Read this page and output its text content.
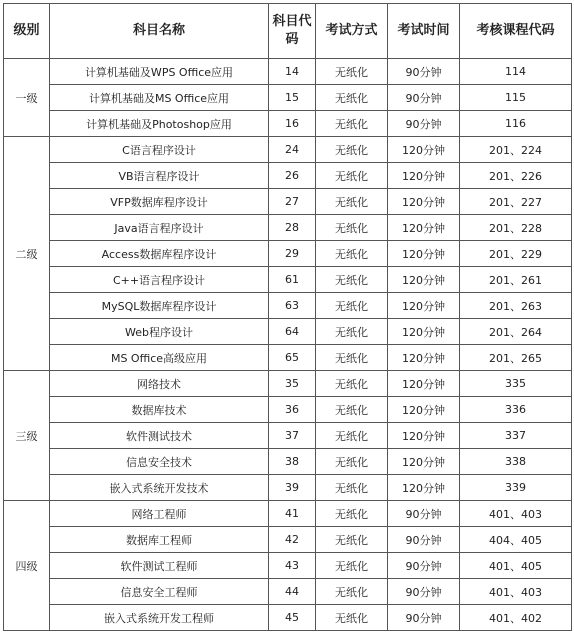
级别	科目名称	科目代码	考试方式	考试时间	考核课程代码
一级	计算机基础及WPS Office应用	14	无纸化	90分钟	114
	计算机基础及MS Office应用	15	无纸化	90分钟	115
	计算机基础及Photoshop应用	16	无纸化	90分钟	116
二级	C语言程序设计	24	无纸化	120分钟	201、224
	VB语言程序设计	26	无纸化	120分钟	201、226
	VFP数据库程序设计	27	无纸化	120分钟	201、227
	Java语言程序设计	28	无纸化	120分钟	201、228
	Access数据库程序设计	29	无纸化	120分钟	201、229
	C++语言程序设计	61	无纸化	120分钟	201、261
	MySQL数据库程序设计	63	无纸化	120分钟	201、263
	Web程序设计	64	无纸化	120分钟	201、264
	MS Office高级应用	65	无纸化	120分钟	201、265
三级	网络技术	35	无纸化	120分钟	335
	数据库技术	36	无纸化	120分钟	336
	软件测试技术	37	无纸化	120分钟	337
	信息安全技术	38	无纸化	120分钟	338
	嵌入式系统开发技术	39	无纸化	120分钟	339
四级	网络工程师	41	无纸化	90分钟	401、403
	数据库工程师	42	无纸化	90分钟	404、405
	软件测试工程师	43	无纸化	90分钟	401、405
	信息安全工程师	44	无纸化	90分钟	401、403
	嵌入式系统开发工程师	45	无纸化	90分钟	401、402
